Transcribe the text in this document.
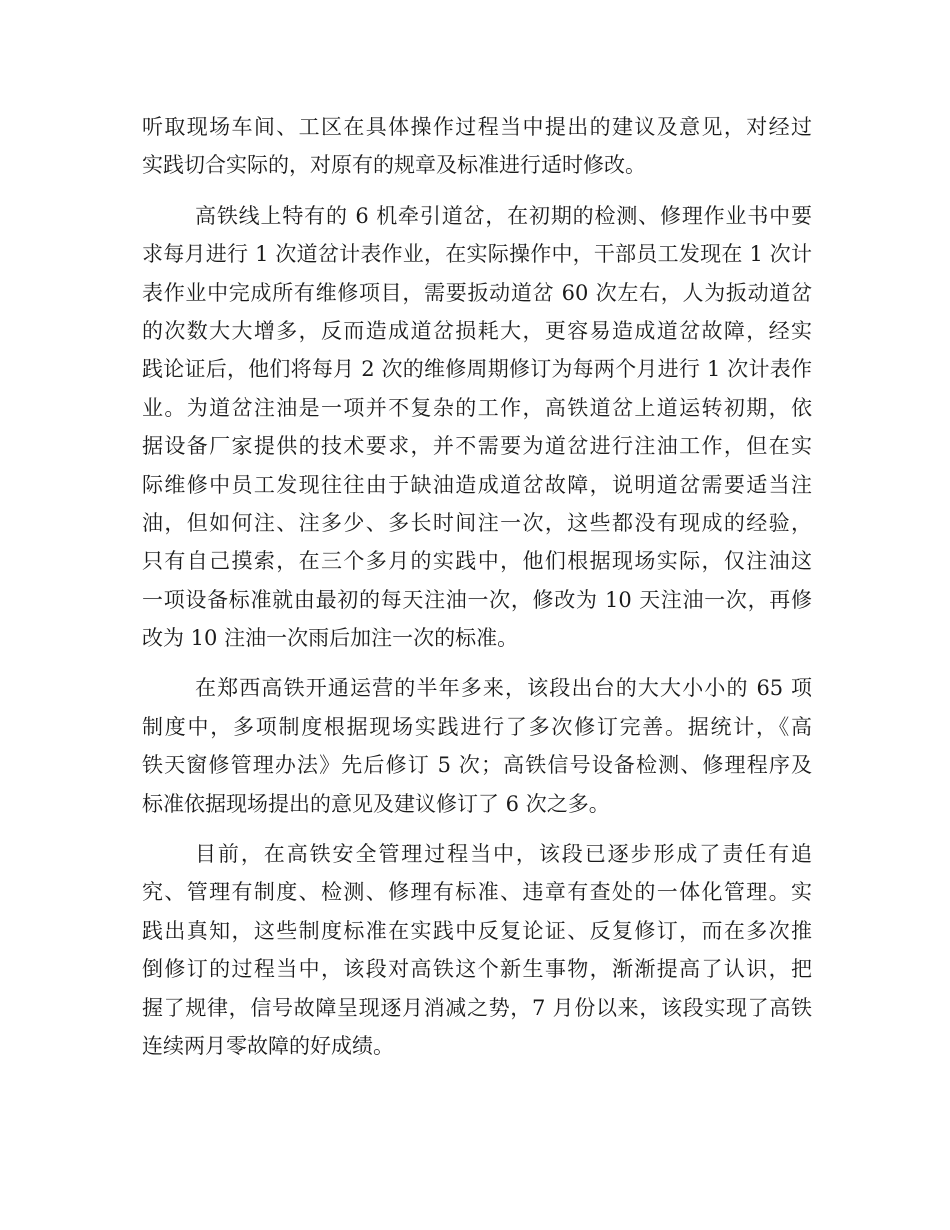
听取现场车间、工区在具体操作过程当中提出的建议及意见，对经过

实践切合实际的，对原有的规章及标准进行适时修改。

高铁线上特有的 6 机牵引道岔，在初期的检测、修理作业书中要

求每月进行 1 次道岔计表作业，在实际操作中，干部员工发现在 1 次计

表作业中完成所有维修项目，需要扳动道岔 60 次左右，人为扳动道岔

的次数大大增多，反而造成道岔损耗大，更容易造成道岔故障，经实

践论证后，他们将每月 2 次的维修周期修订为每两个月进行 1 次计表作

业。为道岔注油是一项并不复杂的工作，高铁道岔上道运转初期，依

据设备厂家提供的技术要求，并不需要为道岔进行注油工作，但在实

际维修中员工发现往往由于缺油造成道岔故障，说明道岔需要适当注

油，但如何注、注多少、多长时间注一次，这些都没有现成的经验，

只有自己摸索，在三个多月的实践中，他们根据现场实际，仅注油这

一项设备标准就由最初的每天注油一次，修改为 10 天注油一次，再修

改为 10 注油一次雨后加注一次的标准。

在郑西高铁开通运营的半年多来，该段出台的大大小小的 65 项

制度中，多项制度根据现场实践进行了多次修订完善。据统计，《高

铁天窗修管理办法》先后修订 5 次；高铁信号设备检测、修理程序及

标准依据现场提出的意见及建议修订了 6 次之多。

目前，在高铁安全管理过程当中，该段已逐步形成了责任有追

究、管理有制度、检测、修理有标准、违章有查处的一体化管理。实

践出真知，这些制度标准在实践中反复论证、反复修订，而在多次推

倒修订的过程当中，该段对高铁这个新生事物，渐渐提高了认识，把

握了规律，信号故障呈现逐月消减之势，7 月份以来，该段实现了高铁

连续两月零故障的好成绩。
